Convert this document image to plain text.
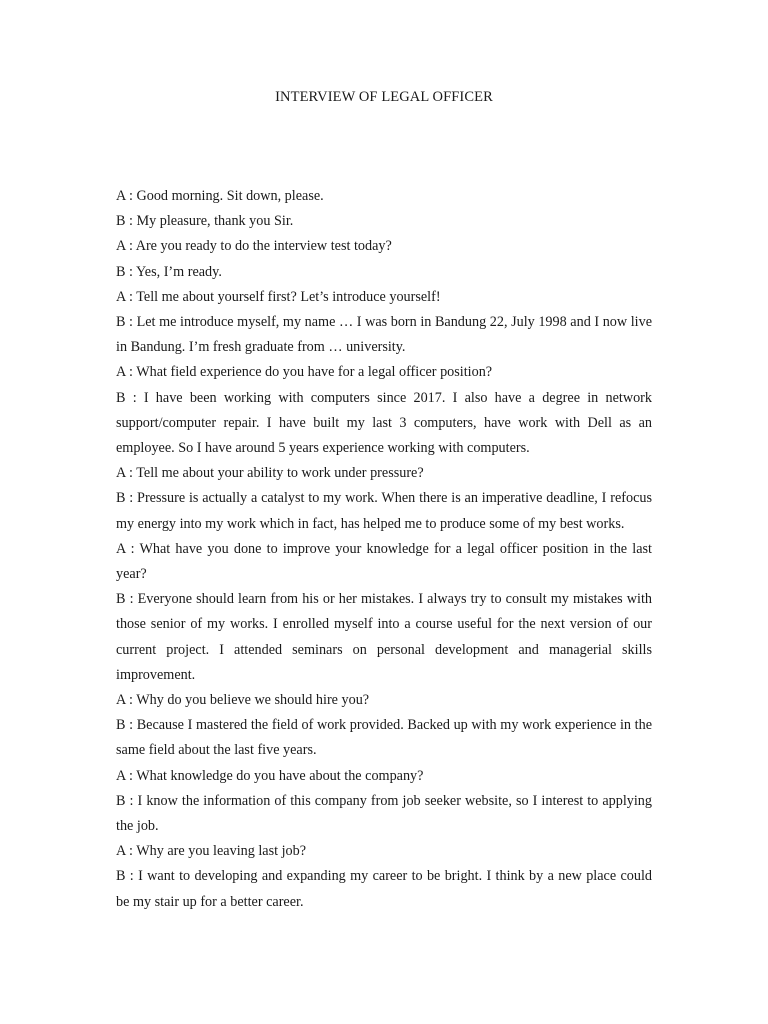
INTERVIEW OF LEGAL OFFICER

A : Good morning. Sit down, please.

B : My pleasure, thank you Sir.

A : Are you ready to do the interview test today?

B : Yes, I’m ready.

A : Tell me about yourself first? Let’s introduce yourself!

B : Let me introduce myself, my name … I was born in Bandung 22, July 1998 and I now live in Bandung. I’m fresh graduate from … university.

A : What field experience do you have for a legal officer position?

B : I have been working with computers since 2017. I also have a degree in network support/computer repair. I have built my last 3 computers, have work with Dell as an employee. So I have around 5 years experience working with computers.

A : Tell me about your ability to work under pressure?

B : Pressure is actually a catalyst to my work. When there is an imperative deadline, I refocus my energy into my work which in fact, has helped me to produce some of my best works.

A : What have you done to improve your knowledge for a legal officer position in the last year?

B : Everyone should learn from his or her mistakes. I always try to consult my mistakes with those senior of my works. I enrolled myself into a course useful for the next version of our current project. I attended seminars on personal development and managerial skills improvement.

A : Why do you believe we should hire you?

B : Because I mastered the field of work provided. Backed up with my work experience in the same field about the last five years.

A : What knowledge do you have about the company?

B : I know the information of this company from job seeker website, so I interest to applying the job.

A : Why are you leaving last job?

B : I want to developing and expanding my career to be bright. I think by a new place could be my stair up for a better career.
